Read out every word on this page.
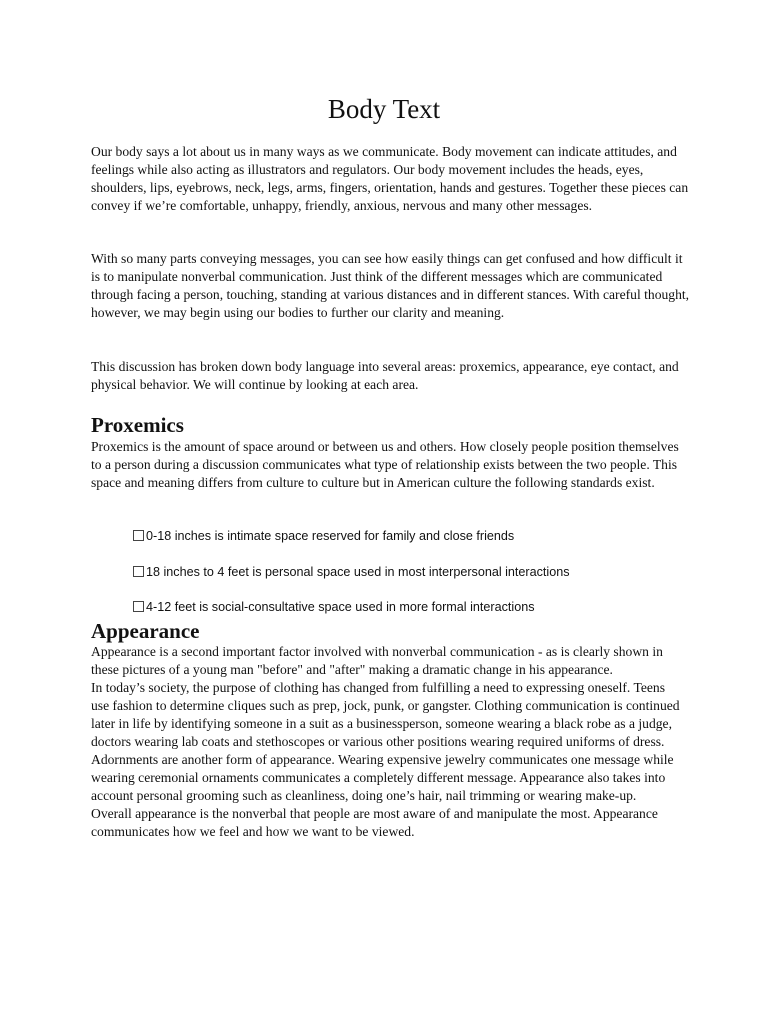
Body Text

Our body says a lot about us in many ways as we communicate. Body movement can indicate attitudes, and feelings while also acting as illustrators and regulators. Our body movement includes the heads, eyes, shoulders, lips, eyebrows, neck, legs, arms, fingers, orientation, hands and gestures. Together these pieces can convey if we’re comfortable, unhappy, friendly, anxious, nervous and many other messages.

With so many parts conveying messages, you can see how easily things can get confused and how difficult it is to manipulate nonverbal communication. Just think of the different messages which are communicated through facing a person, touching, standing at various distances and in different stances. With careful thought, however, we may begin using our bodies to further our clarity and meaning.

This discussion has broken down body language into several areas: proxemics, appearance, eye contact, and physical behavior. We will continue by looking at each area.

Proxemics

Proxemics is the amount of space around or between us and others. How closely people position themselves to a person during a discussion communicates what type of relationship exists between the two people. This space and meaning differs from culture to culture but in American culture the following standards exist.

0-18 inches is intimate space reserved for family and close friends
18 inches to 4 feet is personal space used in most interpersonal interactions
4-12 feet is social-consultative space used in more formal interactions
Appearance
Appearance is a second important factor involved with nonverbal communication - as is clearly shown in these pictures of a young man "before" and "after" making a dramatic change in his appearance.
In today’s society, the purpose of clothing has changed from fulfilling a need to expressing oneself. Teens use fashion to determine cliques such as prep, jock, punk, or gangster. Clothing communication is continued later in life by identifying someone in a suit as a businessperson, someone wearing a black robe as a judge, doctors wearing lab coats and stethoscopes or various other positions wearing required uniforms of dress. Adornments are another form of appearance. Wearing expensive jewelry communicates one message while wearing ceremonial ornaments communicates a completely different message. Appearance also takes into account personal grooming such as cleanliness, doing one’s hair, nail trimming or wearing make-up.
Overall appearance is the nonverbal that people are most aware of and manipulate the most. Appearance communicates how we feel and how we want to be viewed.
